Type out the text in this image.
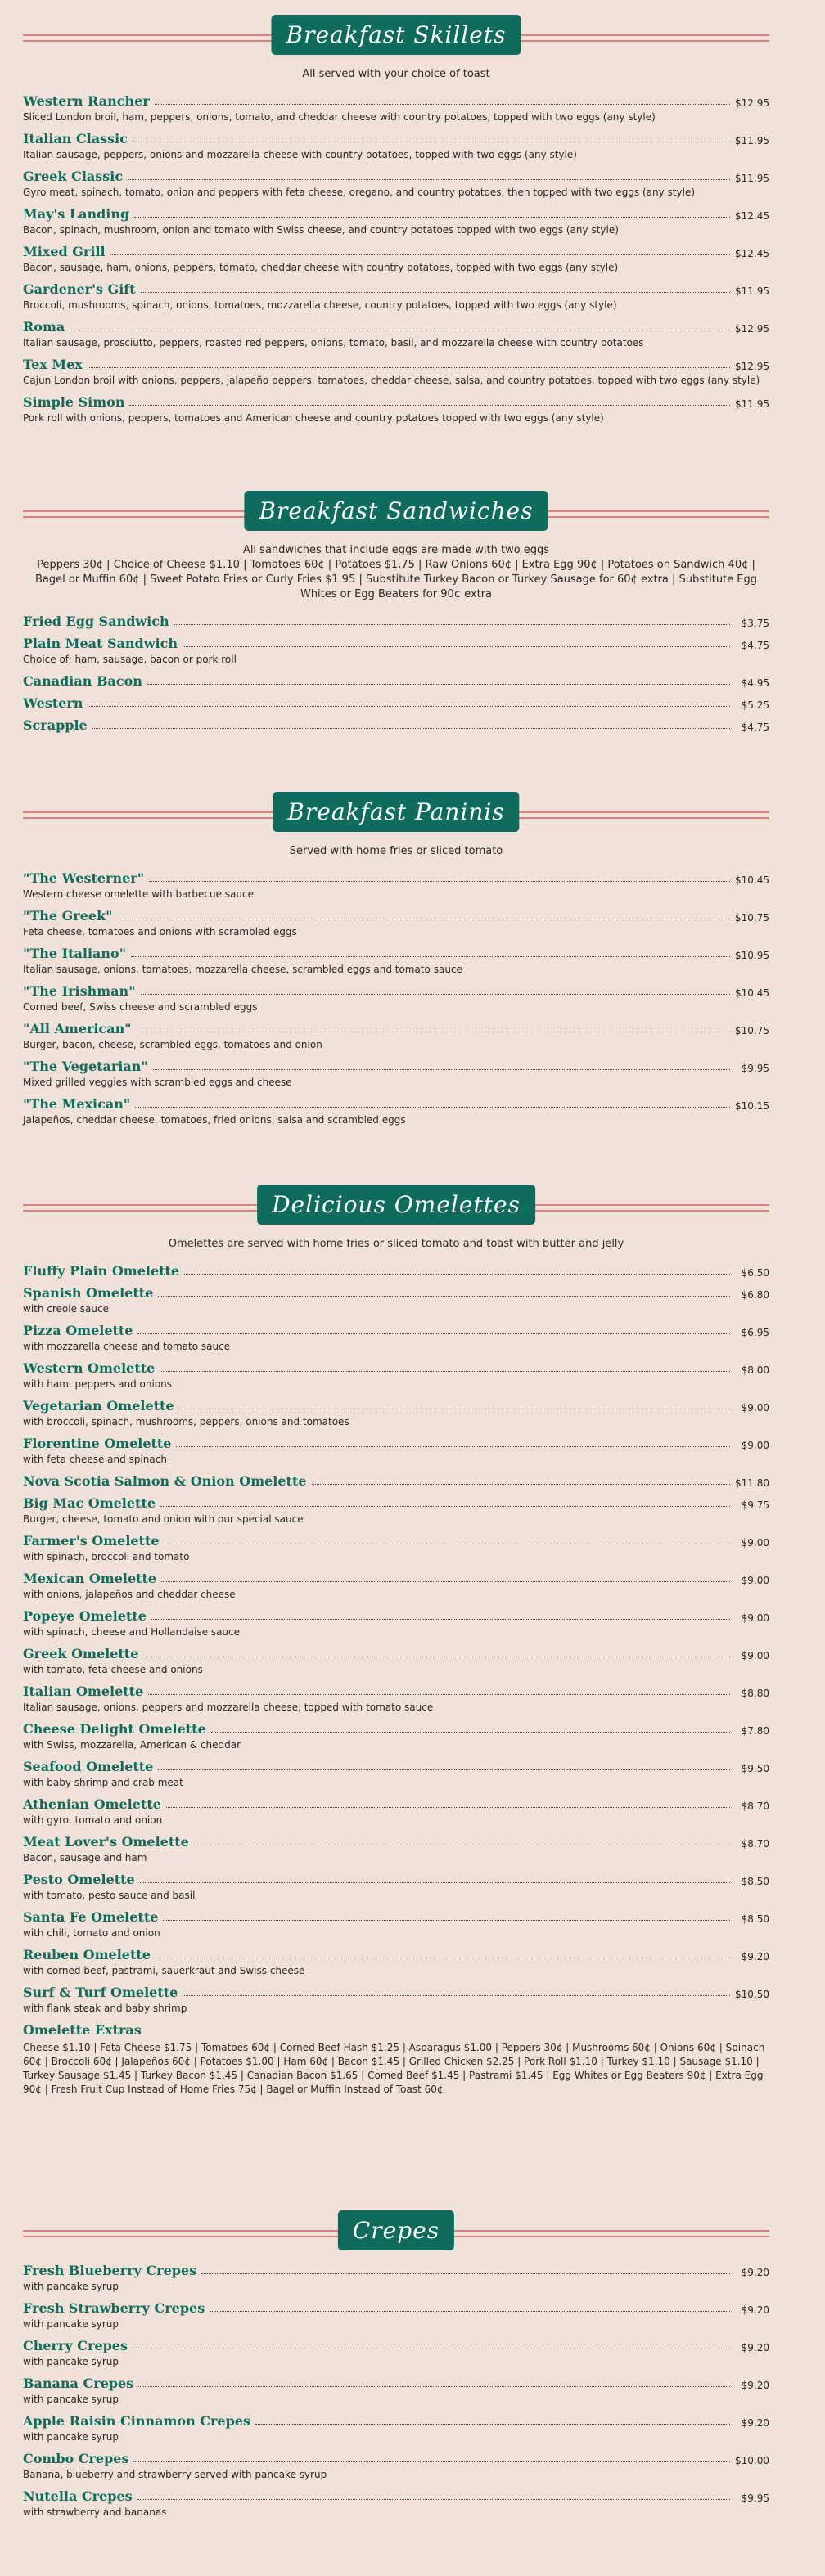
Breakfast Skillets
All served with your choice of toast
Western Rancher	$12.95
Sliced London broil, ham, peppers, onions, tomato, and cheddar cheese with country potatoes, topped with two eggs (any style)
Italian Classic	$11.95
Italian sausage, peppers, onions and mozzarella cheese with country potatoes, topped with two eggs (any style)
Greek Classic	$11.95
Gyro meat, spinach, tomato, onion and peppers with feta cheese, oregano, and country potatoes, then topped with two eggs (any style)
May's Landing	$12.45
Bacon, spinach, mushroom, onion and tomato with Swiss cheese, and country potatoes topped with two eggs (any style)
Mixed Grill	$12.45
Bacon, sausage, ham, onions, peppers, tomato, cheddar cheese with country potatoes, topped with two eggs (any style)
Gardener's Gift	$11.95
Broccoli, mushrooms, spinach, onions, tomatoes, mozzarella cheese, country potatoes, topped with two eggs (any style)
Roma	$12.95
Italian sausage, prosciutto, peppers, roasted red peppers, onions, tomato, basil, and mozzarella cheese with country potatoes
Tex Mex	$12.95
Cajun London broil with onions, peppers, jalapeño peppers, tomatoes, cheddar cheese, salsa, and country potatoes, topped with two eggs (any style)
Simple Simon	$11.95
Pork roll with onions, peppers, tomatoes and American cheese and country potatoes topped with two eggs (any style)
Breakfast Sandwiches
All sandwiches that include eggs are made with two eggs
Peppers 30¢ | Choice of Cheese $1.10 | Tomatoes 60¢ | Potatoes $1.75 | Raw Onions 60¢ | Extra Egg 90¢ | Potatoes on Sandwich 40¢ | Bagel or Muffin 60¢ | Sweet Potato Fries or Curly Fries $1.95 | Substitute Turkey Bacon or Turkey Sausage for 60¢ extra | Substitute Egg Whites or Egg Beaters for 90¢ extra
Fried Egg Sandwich	$3.75
Plain Meat Sandwich	$4.75
Choice of: ham, sausage, bacon or pork roll
Canadian Bacon	$4.95
Western	$5.25
Scrapple	$4.75
Breakfast Paninis
Served with home fries or sliced tomato
"The Westerner"	$10.45
Western cheese omelette with barbecue sauce
"The Greek"	$10.75
Feta cheese, tomatoes and onions with scrambled eggs
"The Italiano"	$10.95
Italian sausage, onions, tomatoes, mozzarella cheese, scrambled eggs and tomato sauce
"The Irishman"	$10.45
Corned beef, Swiss cheese and scrambled eggs
"All American"	$10.75
Burger, bacon, cheese, scrambled eggs, tomatoes and onion
"The Vegetarian"	$9.95
Mixed grilled veggies with scrambled eggs and cheese
"The Mexican"	$10.15
Jalapeños, cheddar cheese, tomatoes, fried onions, salsa and scrambled eggs
Delicious Omelettes
Omelettes are served with home fries or sliced tomato and toast with butter and jelly
Fluffy Plain Omelette	$6.50
Spanish Omelette	$6.80
with creole sauce
Pizza Omelette	$6.95
with mozzarella cheese and tomato sauce
Western Omelette	$8.00
with ham, peppers and onions
Vegetarian Omelette	$9.00
with broccoli, spinach, mushrooms, peppers, onions and tomatoes
Florentine Omelette	$9.00
with feta cheese and spinach
Nova Scotia Salmon & Onion Omelette	$11.80
Big Mac Omelette	$9.75
Burger, cheese, tomato and onion with our special sauce
Farmer's Omelette	$9.00
with spinach, broccoli and tomato
Mexican Omelette	$9.00
with onions, jalapeños and cheddar cheese
Popeye Omelette	$9.00
with spinach, cheese and Hollandaise sauce
Greek Omelette	$9.00
with tomato, feta cheese and onions
Italian Omelette	$8.80
Italian sausage, onions, peppers and mozzarella cheese, topped with tomato sauce
Cheese Delight Omelette	$7.80
with Swiss, mozzarella, American & cheddar
Seafood Omelette	$9.50
with baby shrimp and crab meat
Athenian Omelette	$8.70
with gyro, tomato and onion
Meat Lover's Omelette	$8.70
Bacon, sausage and ham
Pesto Omelette	$8.50
with tomato, pesto sauce and basil
Santa Fe Omelette	$8.50
with chili, tomato and onion
Reuben Omelette	$9.20
with corned beef, pastrami, sauerkraut and Swiss cheese
Surf & Turf Omelette	$10.50
with flank steak and baby shrimp
Omelette Extras
Cheese $1.10 | Feta Cheese $1.75 | Tomatoes 60¢ | Corned Beef Hash $1.25 | Asparagus $1.00 | Peppers 30¢ | Mushrooms 60¢ | Onions 60¢ | Spinach 60¢ | Broccoli 60¢ | Jalapeños 60¢ | Potatoes $1.00 | Ham 60¢ | Bacon $1.45 | Grilled Chicken $2.25 | Pork Roll $1.10 | Turkey $1.10 | Sausage $1.10 | Turkey Sausage $1.45 | Turkey Bacon $1.45 | Canadian Bacon $1.65 | Corned Beef $1.45 | Pastrami $1.45 | Egg Whites or Egg Beaters 90¢ | Extra Egg 90¢ | Fresh Fruit Cup Instead of Home Fries 75¢ | Bagel or Muffin Instead of Toast 60¢
Crepes
Fresh Blueberry Crepes	$9.20
with pancake syrup
Fresh Strawberry Crepes	$9.20
with pancake syrup
Cherry Crepes	$9.20
with pancake syrup
Banana Crepes	$9.20
with pancake syrup
Apple Raisin Cinnamon Crepes	$9.20
with pancake syrup
Combo Crepes	$10.00
Banana, blueberry and strawberry served with pancake syrup
Nutella Crepes	$9.95
with strawberry and bananas
